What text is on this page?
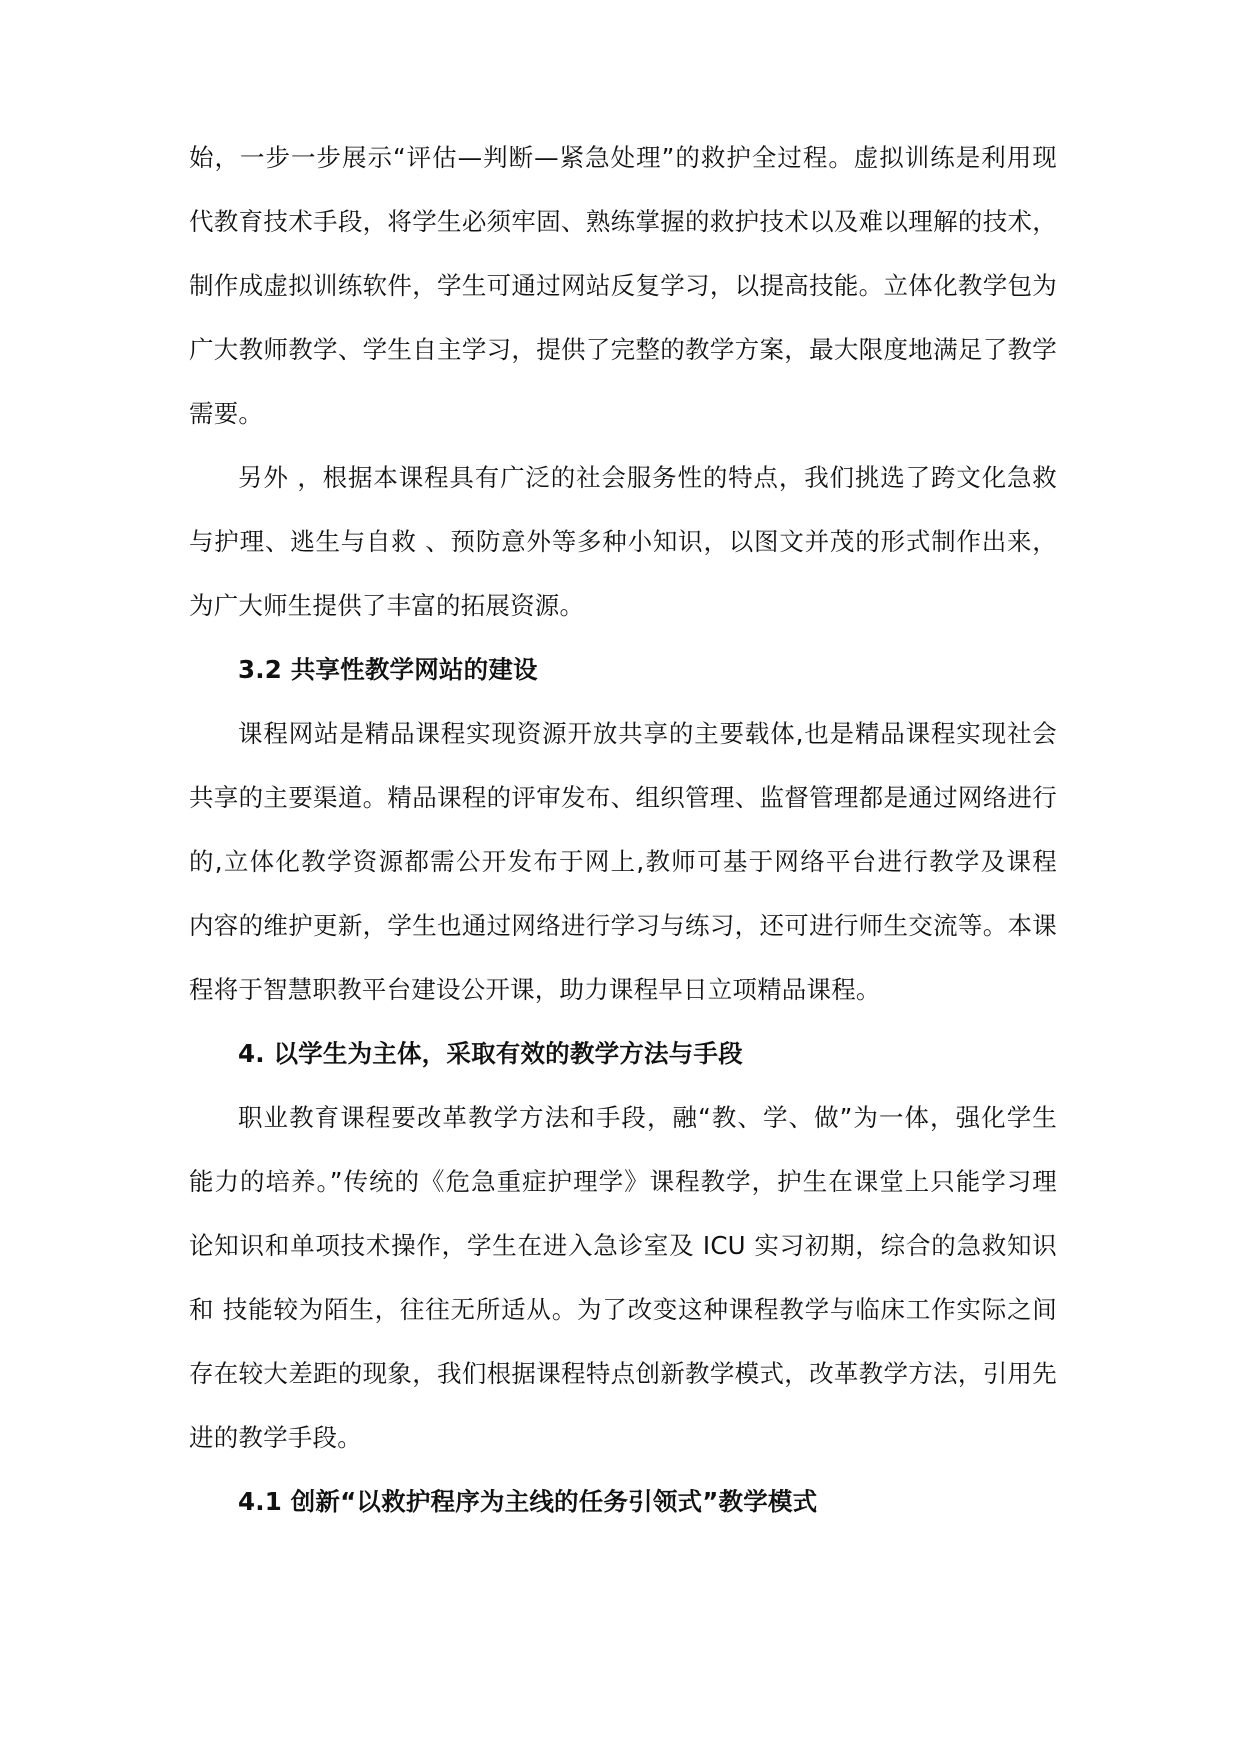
始，一步一步展示“评估—判断—紧急处理”的救护全过程。虚拟训练是利用现
代教育技术手段，将学生必须牢固、熟练掌握的救护技术以及难以理解的技术，
制作成虚拟训练软件，学生可通过网站反复学习，以提高技能。立体化教学包为
广大教师教学、学生自主学习，提供了完整的教学方案，最大限度地满足了教学
需要。
另外 ，根据本课程具有广泛的社会服务性的特点，我们挑选了跨文化急救
与护理、逃生与自救 、预防意外等多种小知识，以图文并茂的形式制作出来，
为广大师生提供了丰富的拓展资源。
3.2 共享性教学网站的建设
课程网站是精品课程实现资源开放共享的主要载体,也是精品课程实现社会
共享的主要渠道。精品课程的评审发布、组织管理、监督管理都是通过网络进行
的,立体化教学资源都需公开发布于网上,教师可基于网络平台进行教学及课程
内容的维护更新，学生也通过网络进行学习与练习，还可进行师生交流等。本课
程将于智慧职教平台建设公开课，助力课程早日立项精品课程。
4. 以学生为主体，采取有效的教学方法与手段
职业教育课程要改革教学方法和手段，融“教、学、做”为一体，强化学生
能力的培养。”传统的《危急重症护理学》课程教学，护生在课堂上只能学习理
论知识和单项技术操作，学生在进入急诊室及 ICU 实习初期，综合的急救知识
和 技能较为陌生，往往无所适从。为了改变这种课程教学与临床工作实际之间
存在较大差距的现象，我们根据课程特点创新教学模式，改革教学方法，引用先
进的教学手段。
4.1 创新“以救护程序为主线的任务引领式”教学模式
